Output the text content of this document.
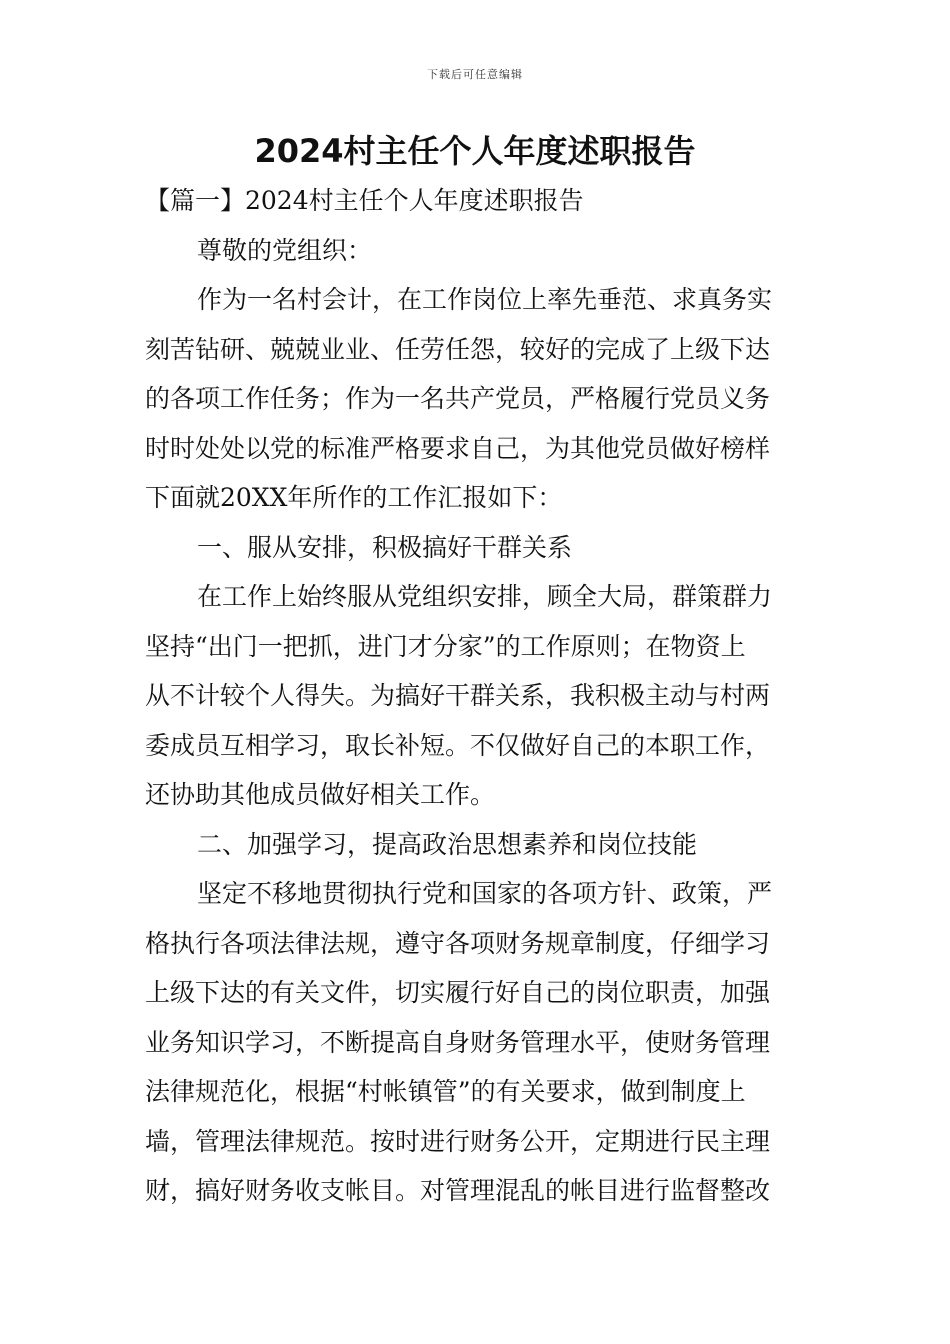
下载后可任意编辑
2024村主任个人年度述职报告
【篇一】2024村主任个人年度述职报告
尊敬的党组织：
作为一名村会计，在工作岗位上率先垂范、求真务实
刻苦钻研、兢兢业业、任劳任怨，较好的完成了上级下达
的各项工作任务；作为一名共产党员，严格履行党员义务
时时处处以党的标准严格要求自己，为其他党员做好榜样
下面就20XX年所作的工作汇报如下：
一、服从安排，积极搞好干群关系
在工作上始终服从党组织安排，顾全大局，群策群力
坚持“出门一把抓，进门才分家”的工作原则；在物资上
从不计较个人得失。为搞好干群关系，我积极主动与村两
委成员互相学习，取长补短。不仅做好自己的本职工作，
还协助其他成员做好相关工作。
二、加强学习，提高政治思想素养和岗位技能
坚定不移地贯彻执行党和国家的各项方针、政策，严
格执行各项法律法规，遵守各项财务规章制度，仔细学习
上级下达的有关文件，切实履行好自己的岗位职责，加强
业务知识学习，不断提高自身财务管理水平，使财务管理
法律规范化，根据“村帐镇管”的有关要求，做到制度上
墙，管理法律规范。按时进行财务公开，定期进行民主理
财，搞好财务收支帐目。对管理混乱的帐目进行监督整改
